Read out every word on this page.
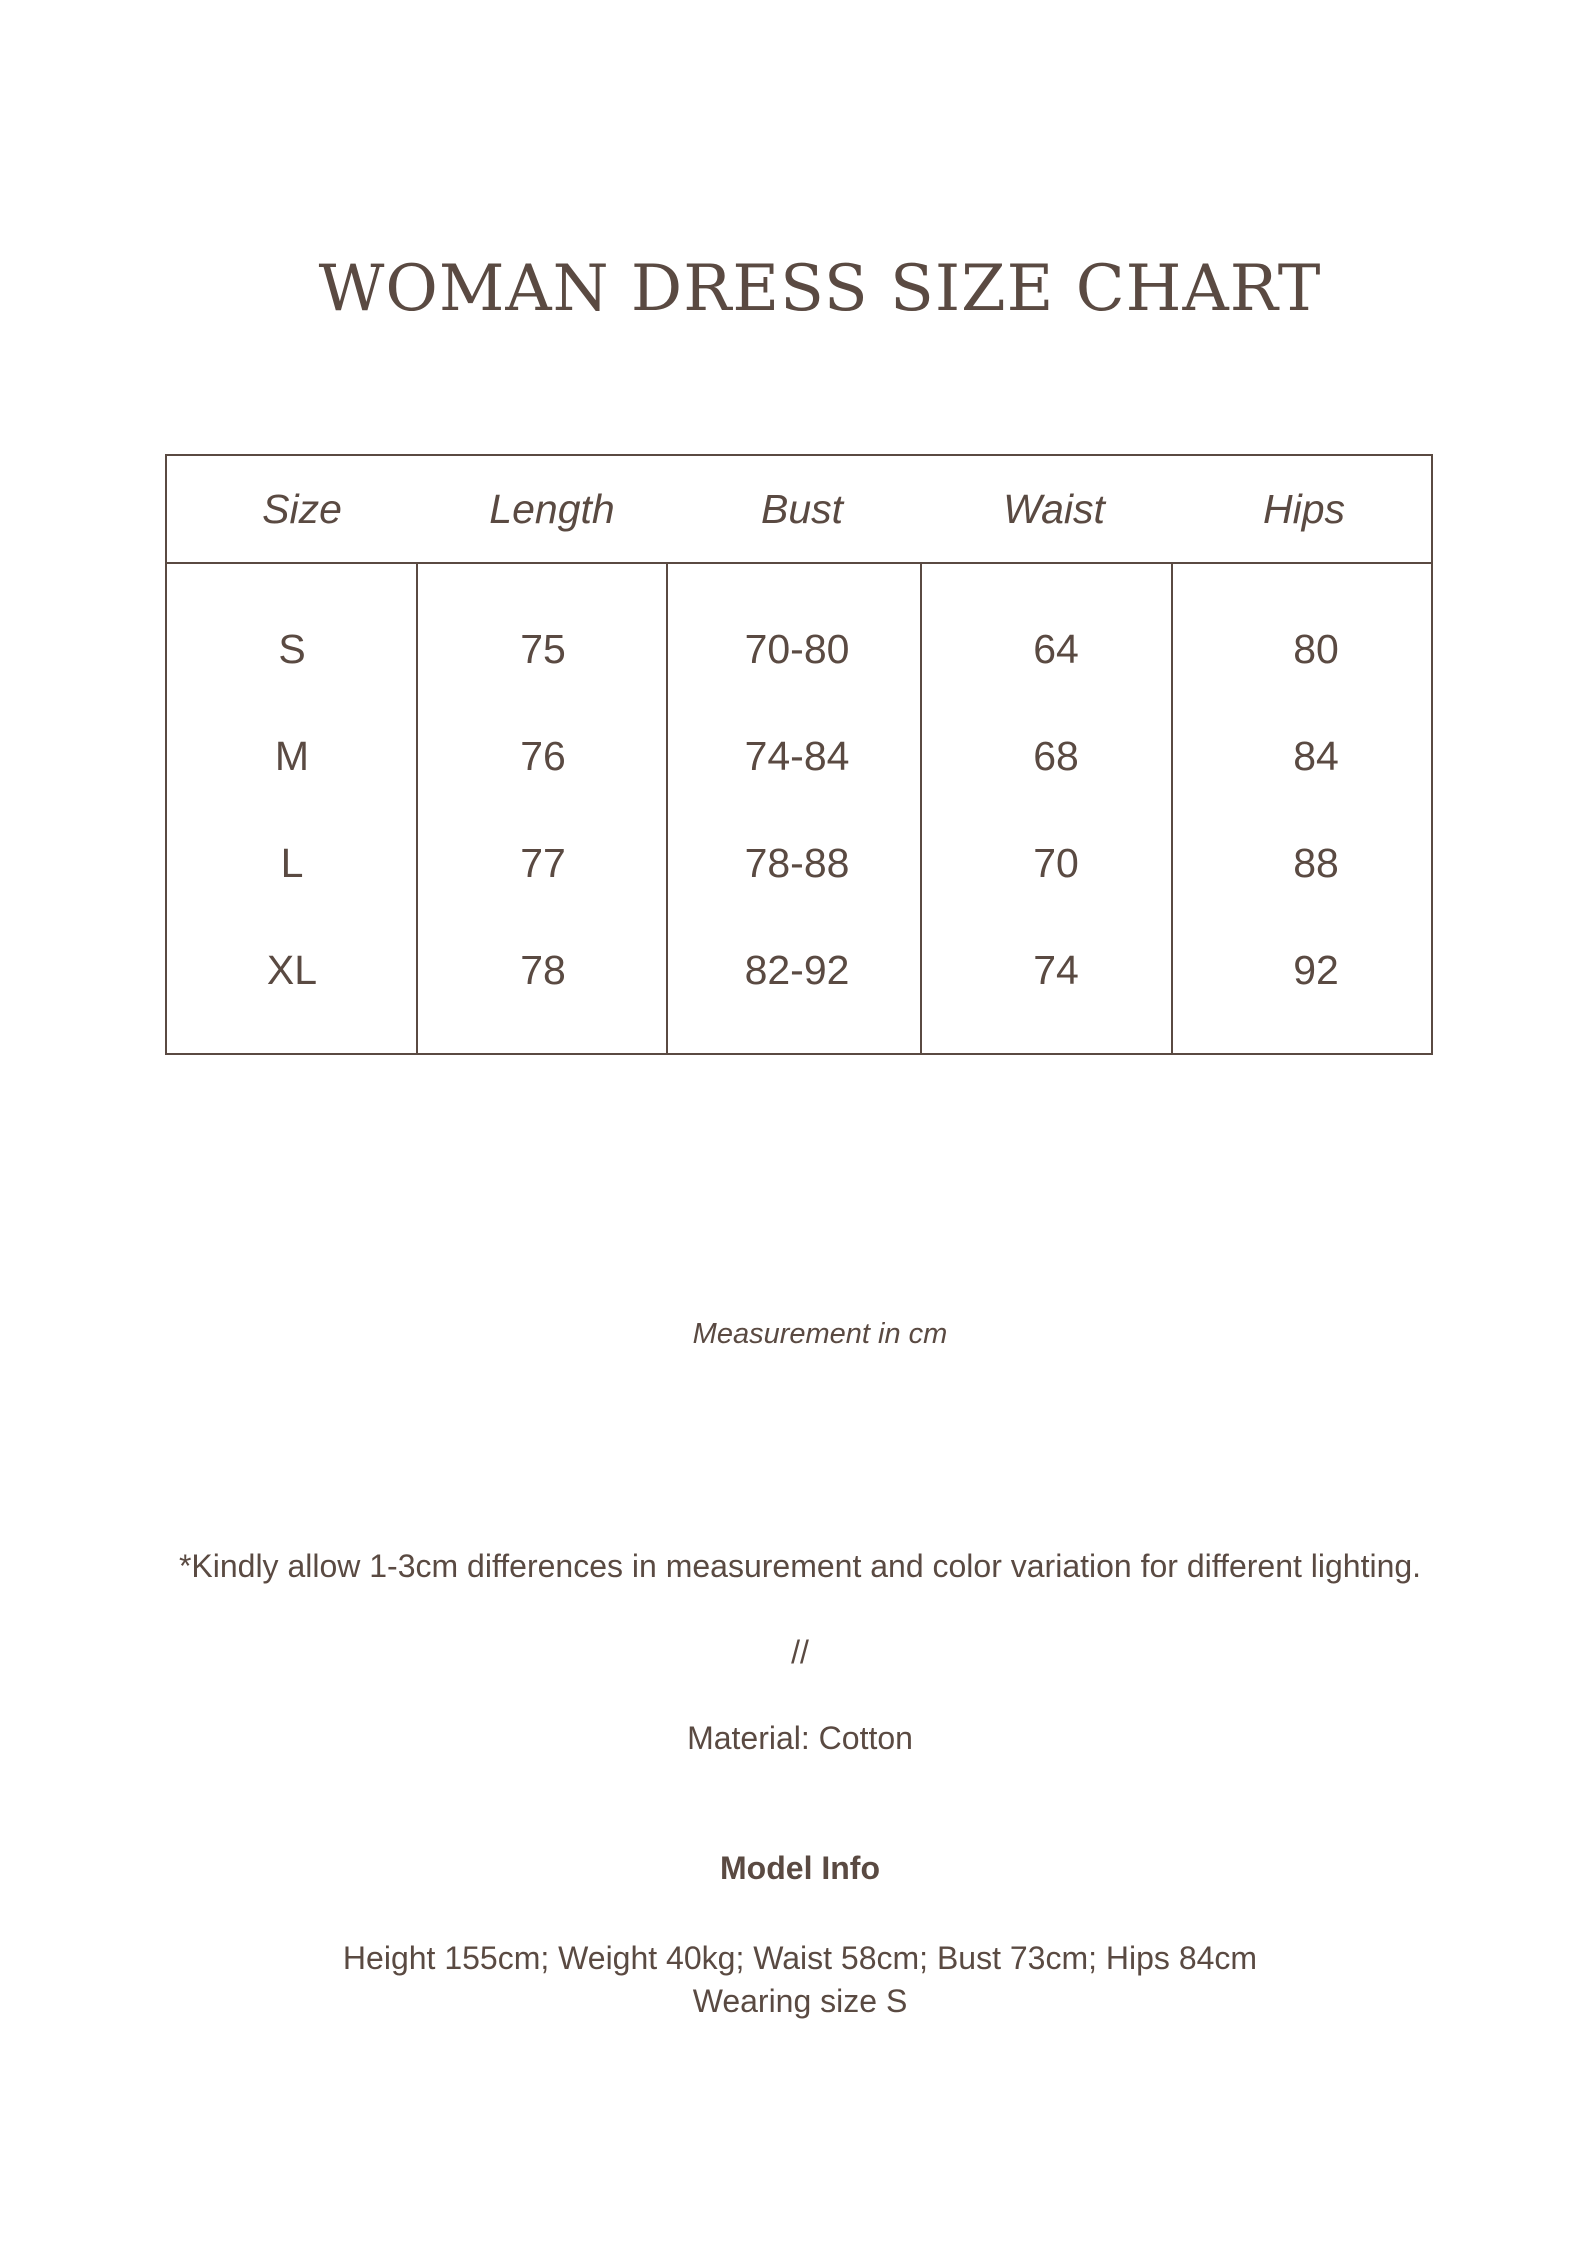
WOMAN DRESS SIZE CHART
Size	Length	Bust	Waist	Hips
S	75	70-80	64	80
M	76	74-84	68	84
L	77	78-88	70	88
XL	78	82-92	74	92

Measurement in cm

*Kindly allow 1-3cm differences in measurement and color variation for different lighting.

//

Material: Cotton

Model Info

Height 155cm; Weight 40kg; Waist 58cm; Bust 73cm; Hips 84cm

Wearing size S
